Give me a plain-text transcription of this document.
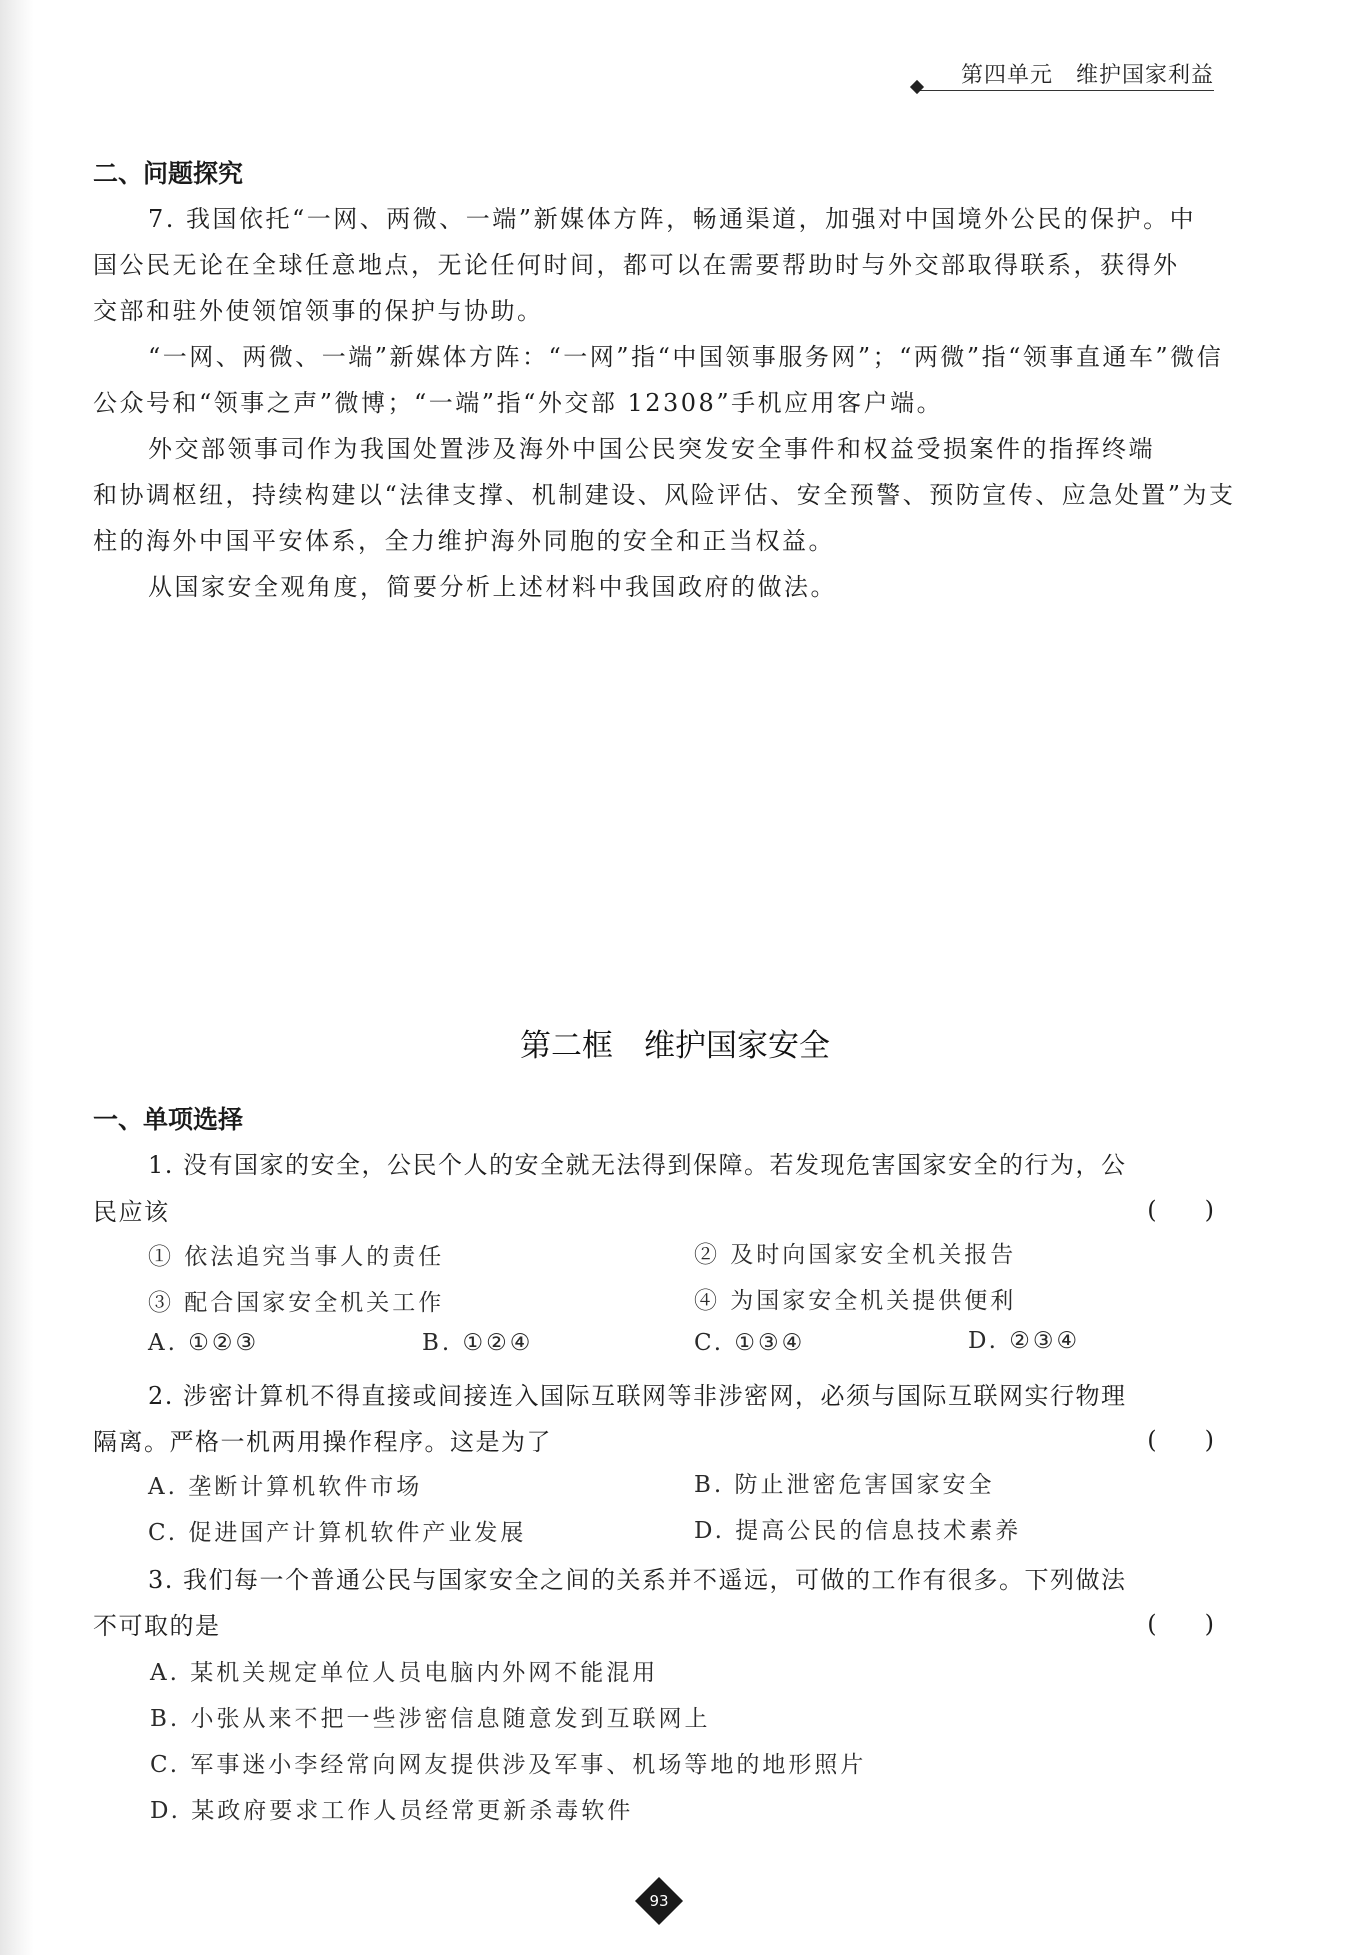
第四单元　维护国家利益
二、问题探究
7. 我国依托“一网、两微、一端”新媒体方阵，畅通渠道，加强对中国境外公民的保护。中
国公民无论在全球任意地点，无论任何时间，都可以在需要帮助时与外交部取得联系，获得外
交部和驻外使领馆领事的保护与协助。
“一网、两微、一端”新媒体方阵：“一网”指“中国领事服务网”；“两微”指“领事直通车”微信
公众号和“领事之声”微博；“一端”指“外交部 12308”手机应用客户端。
外交部领事司作为我国处置涉及海外中国公民突发安全事件和权益受损案件的指挥终端
和协调枢纽，持续构建以“法律支撑、机制建设、风险评估、安全预警、预防宣传、应急处置”为支
柱的海外中国平安体系，全力维护海外同胞的安全和正当权益。
从国家安全观角度，简要分析上述材料中我国政府的做法。
第二框　维护国家安全
一、单项选择
1. 没有国家的安全，公民个人的安全就无法得到保障。若发现危害国家安全的行为，公
民应该	(　　)
① 依法追究当事人的责任	② 及时向国家安全机关报告
③ 配合国家安全机关工作	④ 为国家安全机关提供便利
A. ①②③	B. ①②④	C. ①③④	D. ②③④
2. 涉密计算机不得直接或间接连入国际互联网等非涉密网，必须与国际互联网实行物理
隔离。严格一机两用操作程序。这是为了	(　　)
A. 垄断计算机软件市场	B. 防止泄密危害国家安全
C. 促进国产计算机软件产业发展	D. 提高公民的信息技术素养
3. 我们每一个普通公民与国家安全之间的关系并不遥远，可做的工作有很多。下列做法
不可取的是	(　　)
A. 某机关规定单位人员电脑内外网不能混用
B. 小张从来不把一些涉密信息随意发到互联网上
C. 军事迷小李经常向网友提供涉及军事、机场等地的地形照片
D. 某政府要求工作人员经常更新杀毒软件
93
